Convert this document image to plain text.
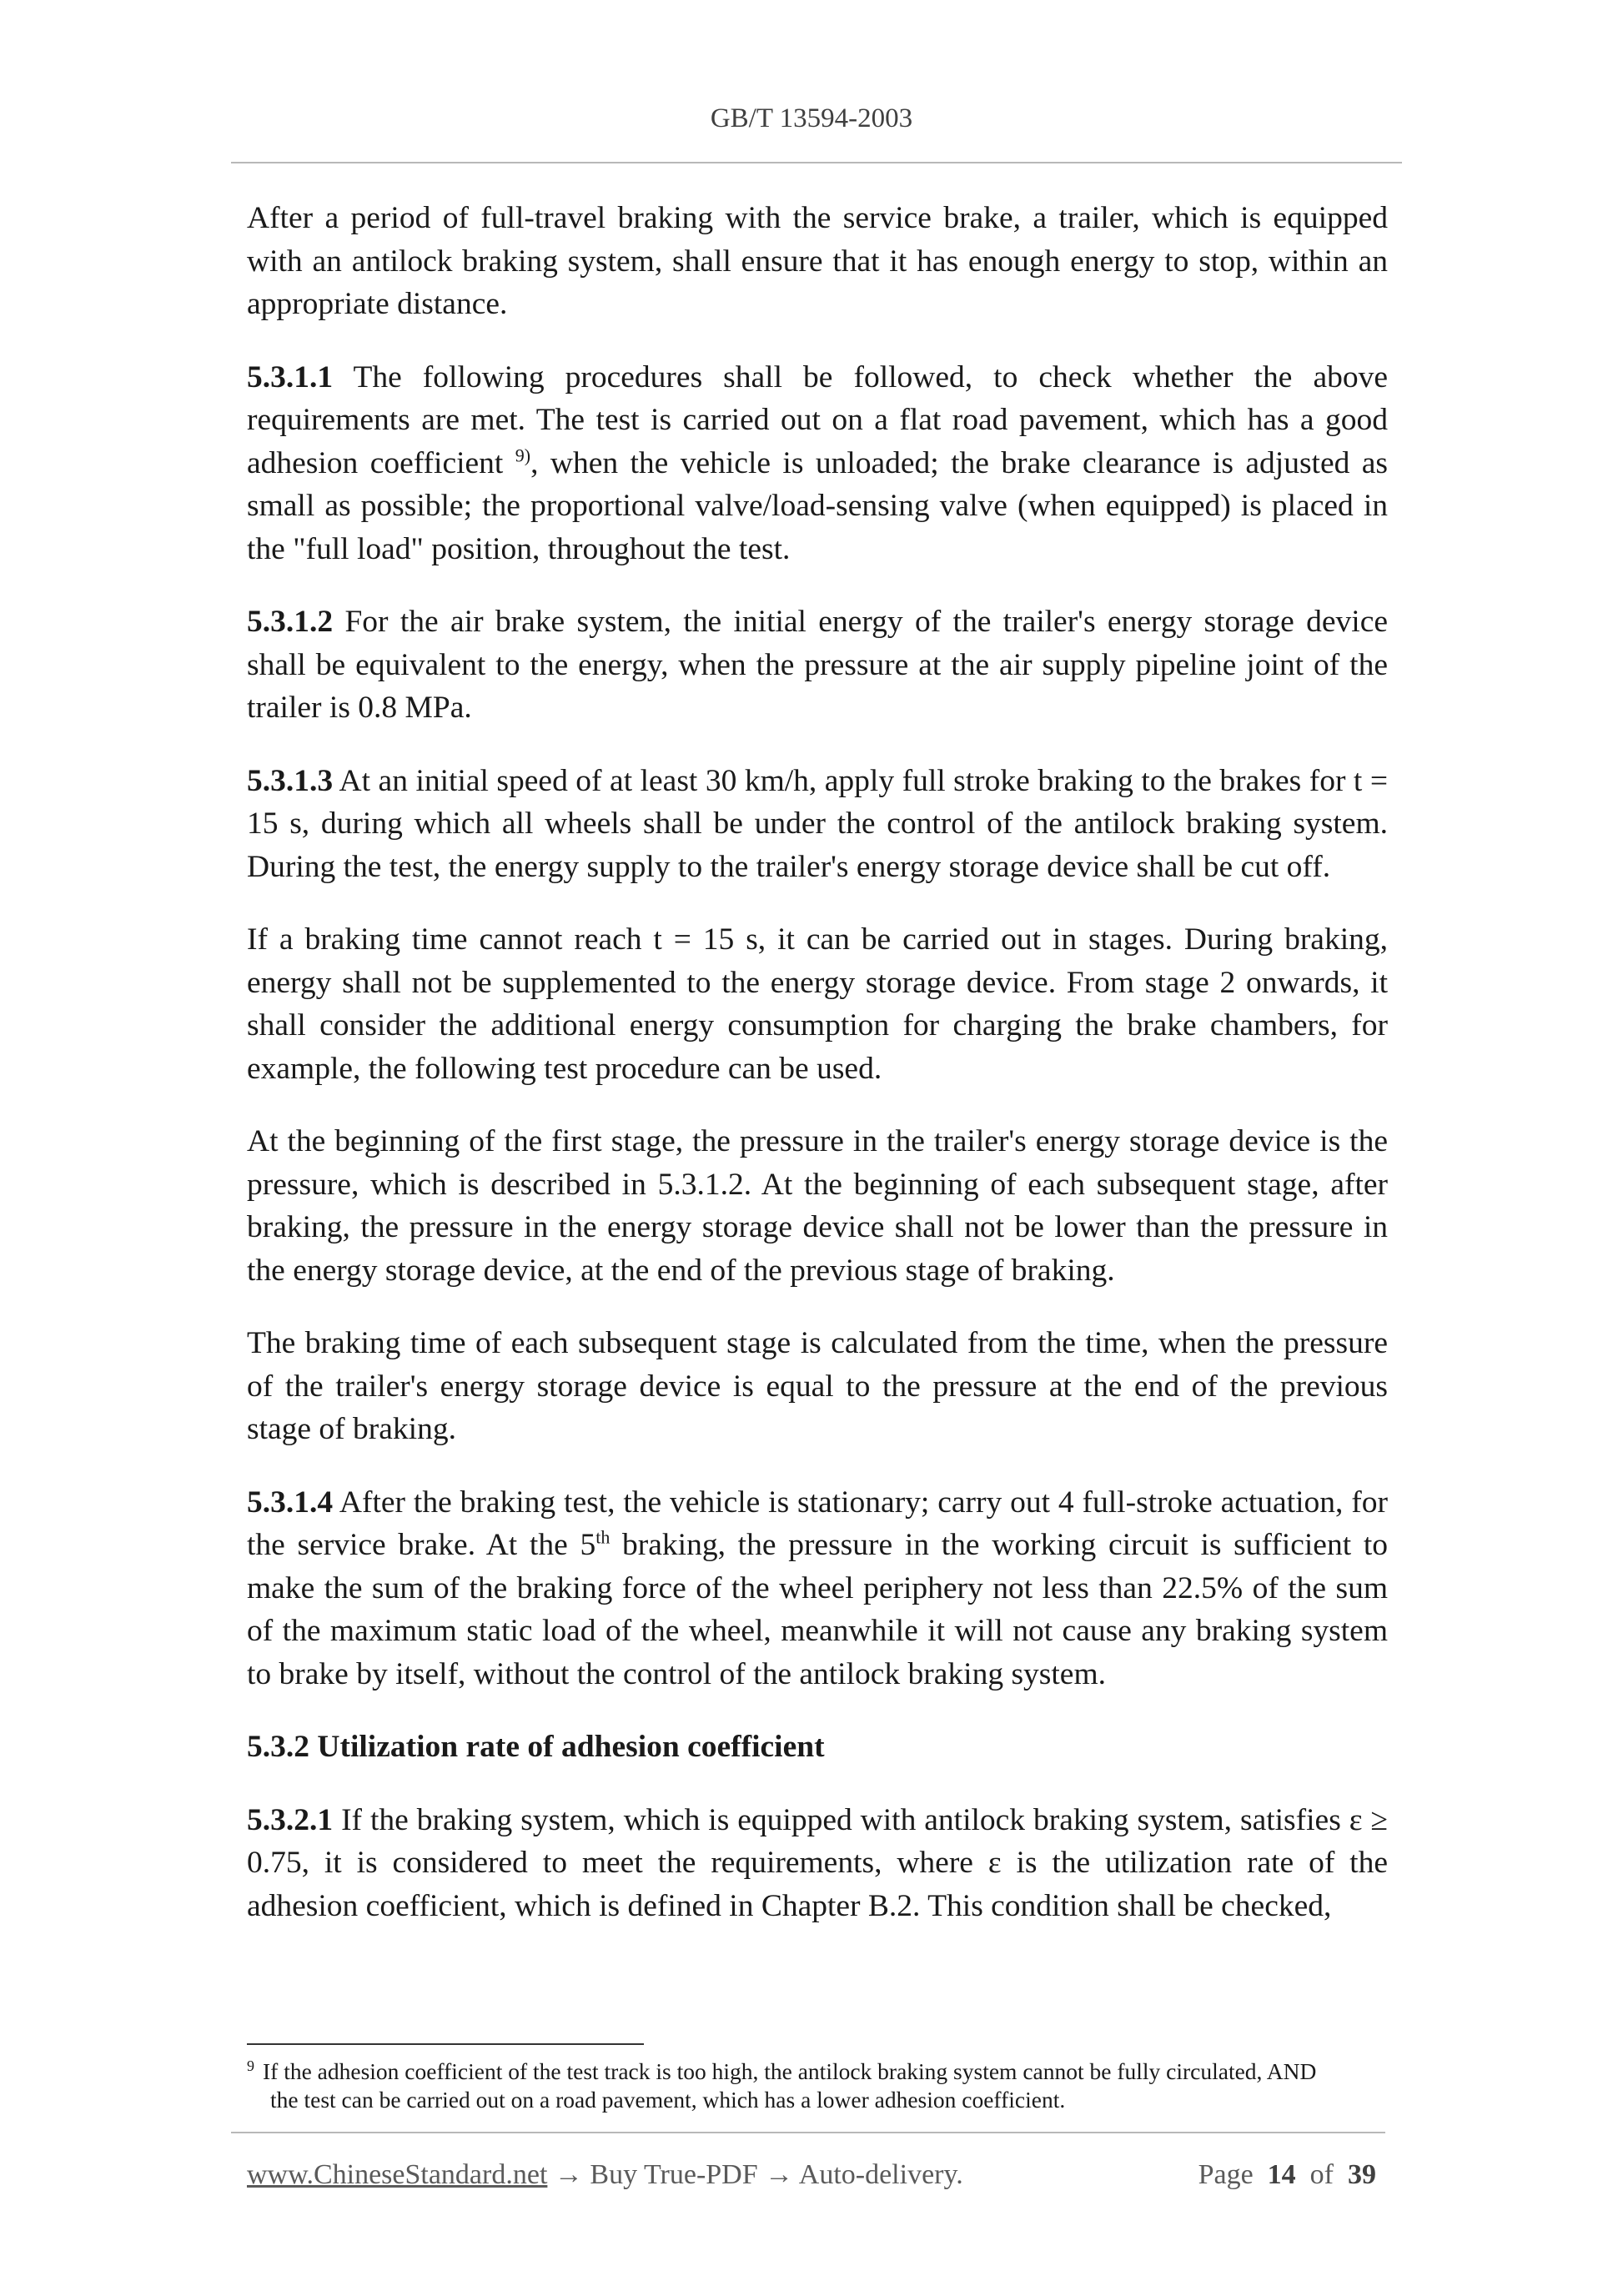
GB/T 13594-2003

After a period of full-travel braking with the service brake, a trailer, which is equipped with an antilock braking system, shall ensure that it has enough energy to stop, within an appropriate distance.

5.3.1.1 The following procedures shall be followed, to check whether the above requirements are met. The test is carried out on a flat road pavement, which has a good adhesion coefficient $^{9)}$, when the vehicle is unloaded; the brake clearance is adjusted as small as possible; the proportional valve/load-sensing valve (when equipped) is placed in the "full load" position, throughout the test.

5.3.1.2 For the air brake system, the initial energy of the trailer's energy storage device shall be equivalent to the energy, when the pressure at the air supply pipeline joint of the trailer is 0.8 MPa.

5.3.1.3 At an initial speed of at least 30 km/h, apply full stroke braking to the brakes for t = 15 s, during which all wheels shall be under the control of the antilock braking system. During the test, the energy supply to the trailer's energy storage device shall be cut off.

If a braking time cannot reach t = 15 s, it can be carried out in stages. During braking, energy shall not be supplemented to the energy storage device. From stage 2 onwards, it shall consider the additional energy consumption for charging the brake chambers, for example, the following test procedure can be used.

At the beginning of the first stage, the pressure in the trailer's energy storage device is the pressure, which is described in 5.3.1.2. At the beginning of each subsequent stage, after braking, the pressure in the energy storage device shall not be lower than the pressure in the energy storage device, at the end of the previous stage of braking.

The braking time of each subsequent stage is calculated from the time, when the pressure of the trailer's energy storage device is equal to the pressure at the end of the previous stage of braking.

5.3.1.4 After the braking test, the vehicle is stationary; carry out 4 full-stroke actuation, for the service brake. At the 5th braking, the pressure in the working circuit is sufficient to make the sum of the braking force of the wheel periphery not less than 22.5% of the sum of the maximum static load of the wheel, meanwhile it will not cause any braking system to brake by itself, without the control of the antilock braking system.

5.3.2 Utilization rate of adhesion coefficient

5.3.2.1 If the braking system, which is equipped with antilock braking system, satisfies ε ≥ 0.75, it is considered to meet the requirements, where ε is the utilization rate of the adhesion coefficient, which is defined in Chapter B.2. This condition shall be checked,

$^9$ If the adhesion coefficient of the test track is too high, the antilock braking system cannot be fully circulated, AND
the test can be carried out on a road pavement, which has a lower adhesion coefficient.
www.ChineseStandard.net → Buy True-PDF → Auto-delivery.	Page 14 of 39
